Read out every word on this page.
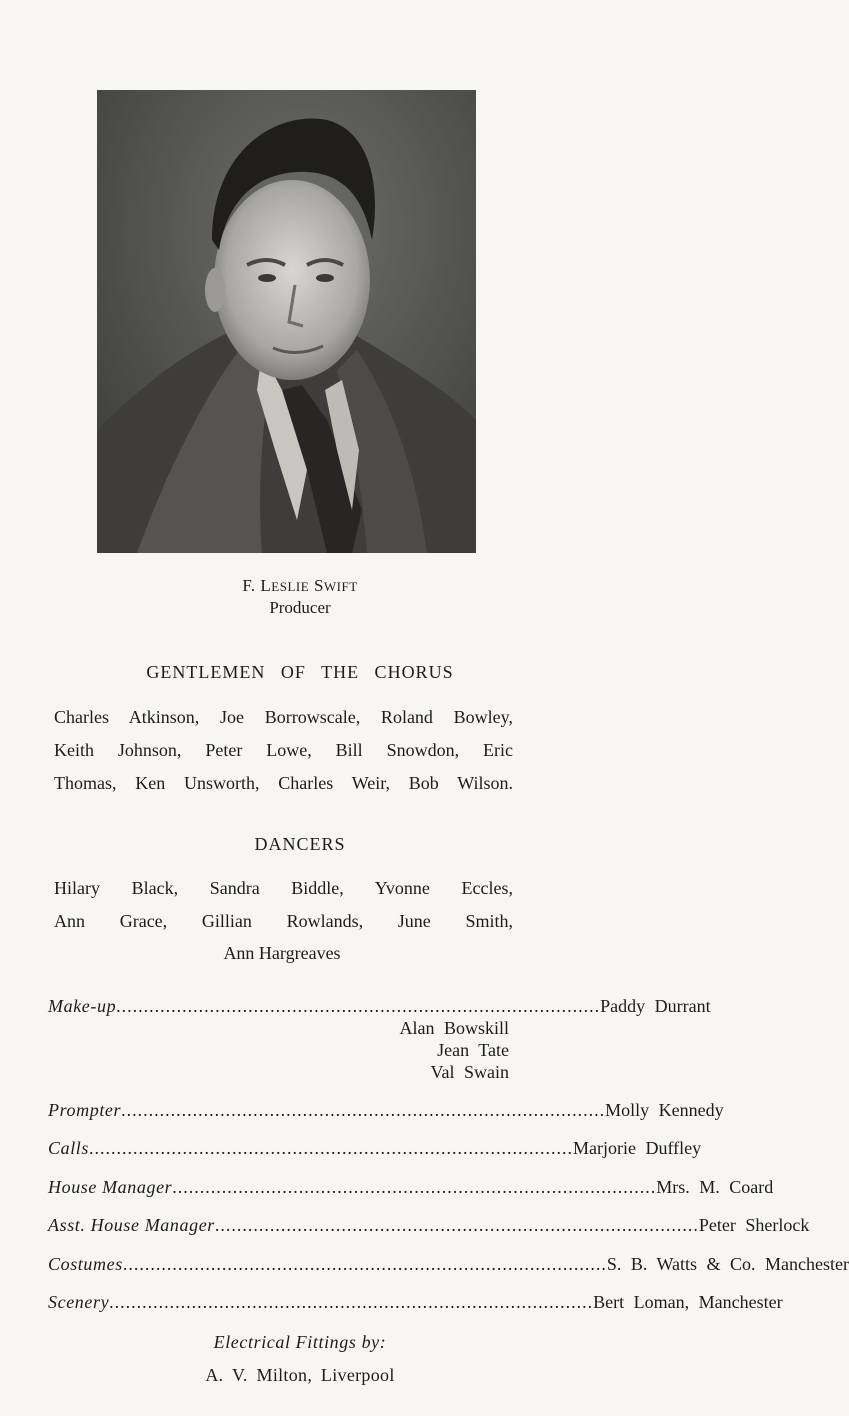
F. LESLIE SWIFT
Producer
GENTLEMEN OF THE CHORUS
Charles Atkinson, Joe Borrowscale, Roland Bowley,
Keith Johnson, Peter Lowe, Bill Snowdon, Eric
Thomas, Ken Unsworth, Charles Weir, Bob Wilson.
DANCERS
Hilary Black, Sandra Biddle, Yvonne Eccles,
Ann Grace, Gillian Rowlands, June Smith,
Ann Hargreaves
Make-up ........................................................................................ Paddy Durrant
Alan Bowskill
Jean Tate
Val Swain
Prompter ........................................................................................ Molly Kennedy
Calls ........................................................................................ Marjorie Duffley
House Manager ........................................................................................ Mrs. M. Coard
Asst. House Manager ........................................................................................ Peter Sherlock
Costumes ........................................................................................ S. B. Watts & Co. Manchester
Scenery ........................................................................................ Bert Loman, Manchester
Electrical Fittings by:
A. V. Milton, Liverpool
